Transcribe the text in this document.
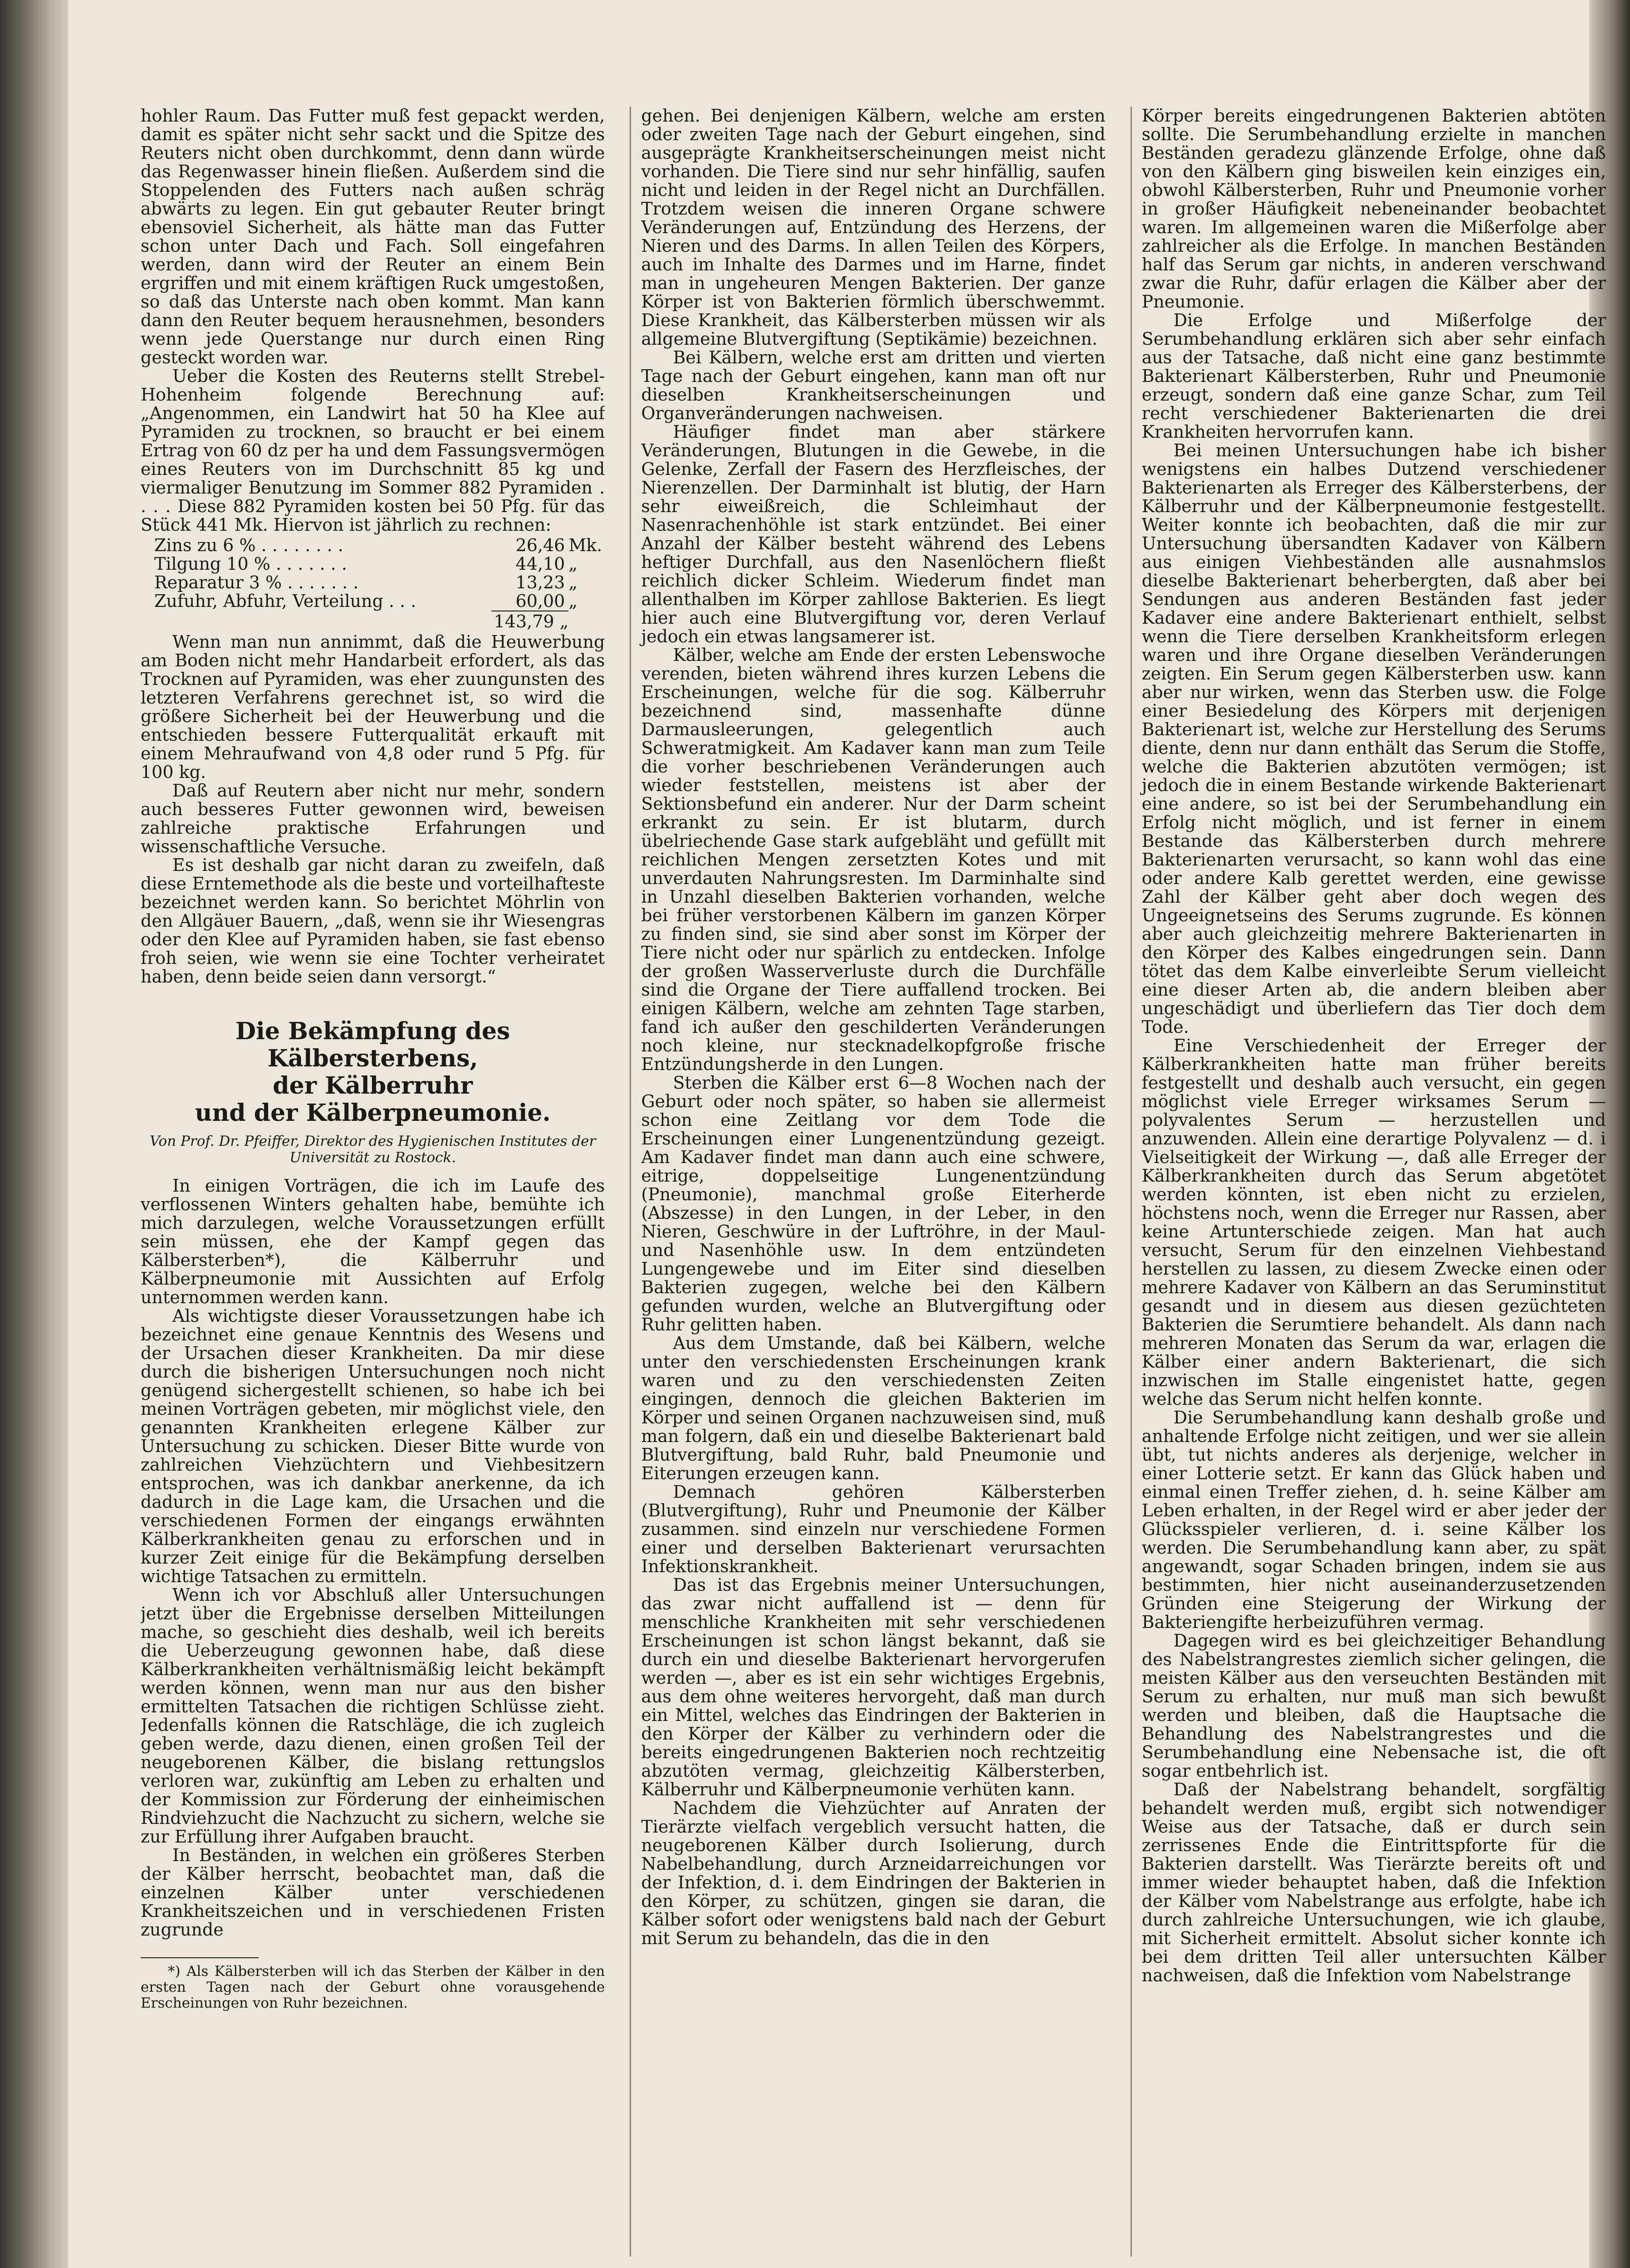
hohler Raum. Das Futter muß fest gepackt werden, damit es später nicht sehr sackt und die Spitze des Reuters nicht oben durchkommt, denn dann würde das Regenwasser hinein fließen. Außerdem sind die Stoppelenden des Futters nach außen schräg abwärts zu legen. Ein gut gebauter Reuter bringt ebensoviel Sicherheit, als hätte man das Futter schon unter Dach und Fach. Soll eingefahren werden, dann wird der Reuter an einem Bein ergriffen und mit einem kräftigen Ruck umgestoßen, so daß das Unterste nach oben kommt. Man kann dann den Reuter bequem herausnehmen, besonders wenn jede Querstange nur durch einen Ring gesteckt worden war.

Ueber die Kosten des Reuterns stellt Strebel-Hohenheim folgende Berechnung auf: „Angenommen, ein Landwirt hat 50 ha Klee auf Pyramiden zu trocknen, so braucht er bei einem Ertrag von 60 dz per ha und dem Fassungsvermögen eines Reuters von im Durchschnitt 85 kg und viermaliger Benutzung im Sommer 882 Pyramiden . . . . Diese 882 Pyramiden kosten bei 50 Pfg. für das Stück 441 Mk. Hiervon ist jährlich zu rechnen:

Zins zu 6 % . . . . . . . .	26,46 Mk.
Tilgung 10 % . . . . . . .	44,10 „
Reparatur 3 % . . . . . . .	13,23 „
Zufuhr, Abfuhr, Verteilung . . .	60,00 „
143,79 „

Wenn man nun annimmt, daß die Heuwerbung am Boden nicht mehr Handarbeit erfordert, als das Trocknen auf Pyramiden, was eher zuungunsten des letzteren Verfahrens gerechnet ist, so wird die größere Sicherheit bei der Heuwerbung und die entschieden bessere Futterqualität erkauft mit einem Mehraufwand von 4,8 oder rund 5 Pfg. für 100 kg.

Daß auf Reutern aber nicht nur mehr, sondern auch besseres Futter gewonnen wird, beweisen zahlreiche praktische Erfahrungen und wissenschaftliche Versuche.

Es ist deshalb gar nicht daran zu zweifeln, daß diese Erntemethode als die beste und vorteilhafteste bezeichnet werden kann. So berichtet Möhrlin von den Allgäuer Bauern, „daß, wenn sie ihr Wiesengras oder den Klee auf Pyramiden haben, sie fast ebenso froh seien, wie wenn sie eine Tochter verheiratet haben, denn beide seien dann versorgt.“

Die Bekämpfung des Kälbersterbens,
der Kälberruhr
und der Kälberpneumonie.
Von Prof. Dr. Pfeiffer, Direktor des Hygienischen Institutes der Universität zu Rostock.

In einigen Vorträgen, die ich im Laufe des verflossenen Winters gehalten habe, bemühte ich mich darzulegen, welche Voraussetzungen erfüllt sein müssen, ehe der Kampf gegen das Kälbersterben*), die Kälberruhr und Kälberpneumonie mit Aussichten auf Erfolg unternommen werden kann.

Als wichtigste dieser Voraussetzungen habe ich bezeichnet eine genaue Kenntnis des Wesens und der Ursachen dieser Krankheiten. Da mir diese durch die bisherigen Untersuchungen noch nicht genügend sichergestellt schienen, so habe ich bei meinen Vorträgen gebeten, mir möglichst viele, den genannten Krankheiten erlegene Kälber zur Untersuchung zu schicken. Dieser Bitte wurde von zahlreichen Viehzüchtern und Viehbesitzern entsprochen, was ich dankbar anerkenne, da ich dadurch in die Lage kam, die Ursachen und die verschiedenen Formen der eingangs erwähnten Kälberkrankheiten genau zu erforschen und in kurzer Zeit einige für die Bekämpfung derselben wichtige Tatsachen zu ermitteln.

Wenn ich vor Abschluß aller Untersuchungen jetzt über die Ergebnisse derselben Mitteilungen mache, so geschieht dies deshalb, weil ich bereits die Ueberzeugung gewonnen habe, daß diese Kälberkrankheiten verhältnismäßig leicht bekämpft werden können, wenn man nur aus den bisher ermittelten Tatsachen die richtigen Schlüsse zieht. Jedenfalls können die Ratschläge, die ich zugleich geben werde, dazu dienen, einen großen Teil der neugeborenen Kälber, die bislang rettungslos verloren war, zukünftig am Leben zu erhalten und der Kommission zur Förderung der einheimischen Rindviehzucht die Nachzucht zu sichern, welche sie zur Erfüllung ihrer Aufgaben braucht.

In Beständen, in welchen ein größeres Sterben der Kälber herrscht, beobachtet man, daß die einzelnen Kälber unter verschiedenen Krankheitszeichen und in verschiedenen Fristen zugrunde

*) Als Kälbersterben will ich das Sterben der Kälber in den ersten Tagen nach der Geburt ohne vorausgehende Erscheinungen von Ruhr bezeichnen.

gehen. Bei denjenigen Kälbern, welche am ersten oder zweiten Tage nach der Geburt eingehen, sind ausgeprägte Krankheitserscheinungen meist nicht vorhanden. Die Tiere sind nur sehr hinfällig, saufen nicht und leiden in der Regel nicht an Durchfällen. Trotzdem weisen die inneren Organe schwere Veränderungen auf, Entzündung des Herzens, der Nieren und des Darms. In allen Teilen des Körpers, auch im Inhalte des Darmes und im Harne, findet man in ungeheuren Mengen Bakterien. Der ganze Körper ist von Bakterien förmlich überschwemmt. Diese Krankheit, das Kälbersterben müssen wir als allgemeine Blutvergiftung (Septikämie) bezeichnen.

Bei Kälbern, welche erst am dritten und vierten Tage nach der Geburt eingehen, kann man oft nur dieselben Krankheitserscheinungen und Organveränderungen nachweisen.

Häufiger findet man aber stärkere Veränderungen, Blutungen in die Gewebe, in die Gelenke, Zerfall der Fasern des Herzfleisches, der Nierenzellen. Der Darminhalt ist blutig, der Harn sehr eiweißreich, die Schleimhaut der Nasenrachenhöhle ist stark entzündet. Bei einer Anzahl der Kälber besteht während des Lebens heftiger Durchfall, aus den Nasenlöchern fließt reichlich dicker Schleim. Wiederum findet man allenthalben im Körper zahllose Bakterien. Es liegt hier auch eine Blutvergiftung vor, deren Verlauf jedoch ein etwas langsamerer ist.

Kälber, welche am Ende der ersten Lebenswoche verenden, bieten während ihres kurzen Lebens die Erscheinungen, welche für die sog. Kälberruhr bezeichnend sind, massenhafte dünne Darmausleerungen, gelegentlich auch Schweratmigkeit. Am Kadaver kann man zum Teile die vorher beschriebenen Veränderungen auch wieder feststellen, meistens ist aber der Sektionsbefund ein anderer. Nur der Darm scheint erkrankt zu sein. Er ist blutarm, durch übelriechende Gase stark aufgebläht und gefüllt mit reichlichen Mengen zersetzten Kotes und mit unverdauten Nahrungsresten. Im Darminhalte sind in Unzahl dieselben Bakterien vorhanden, welche bei früher verstorbenen Kälbern im ganzen Körper zu finden sind, sie sind aber sonst im Körper der Tiere nicht oder nur spärlich zu entdecken. Infolge der großen Wasserverluste durch die Durchfälle sind die Organe der Tiere auffallend trocken. Bei einigen Kälbern, welche am zehnten Tage starben, fand ich außer den geschilderten Veränderungen noch kleine, nur stecknadelkopfgroße frische Entzündungsherde in den Lungen.

Sterben die Kälber erst 6—8 Wochen nach der Geburt oder noch später, so haben sie allermeist schon eine Zeitlang vor dem Tode die Erscheinungen einer Lungenentzündung gezeigt. Am Kadaver findet man dann auch eine schwere, eitrige, doppelseitige Lungenentzündung (Pneumonie), manchmal große Eiterherde (Abszesse) in den Lungen, in der Leber, in den Nieren, Geschwüre in der Luftröhre, in der Maul- und Nasenhöhle usw. In dem entzündeten Lungengewebe und im Eiter sind dieselben Bakterien zugegen, welche bei den Kälbern gefunden wurden, welche an Blutvergiftung oder Ruhr gelitten haben.

Aus dem Umstande, daß bei Kälbern, welche unter den verschiedensten Erscheinungen krank waren und zu den verschiedensten Zeiten eingingen, dennoch die gleichen Bakterien im Körper und seinen Organen nachzuweisen sind, muß man folgern, daß ein und dieselbe Bakterienart bald Blutvergiftung, bald Ruhr, bald Pneumonie und Eiterungen erzeugen kann.

Demnach gehören Kälbersterben (Blutvergiftung), Ruhr und Pneumonie der Kälber zusammen. sind einzeln nur verschiedene Formen einer und derselben Bakterienart verursachten Infektionskrankheit.

Das ist das Ergebnis meiner Untersuchungen, das zwar nicht auffallend ist — denn für menschliche Krankheiten mit sehr verschiedenen Erscheinungen ist schon längst bekannt, daß sie durch ein und dieselbe Bakterienart hervorgerufen werden —, aber es ist ein sehr wichtiges Ergebnis, aus dem ohne weiteres hervorgeht, daß man durch ein Mittel, welches das Eindringen der Bakterien in den Körper der Kälber zu verhindern oder die bereits eingedrungenen Bakterien noch rechtzeitig abzutöten vermag, gleichzeitig Kälbersterben, Kälberruhr und Kälberpneumonie verhüten kann.

Nachdem die Viehzüchter auf Anraten der Tierärzte vielfach vergeblich versucht hatten, die neugeborenen Kälber durch Isolierung, durch Nabelbehandlung, durch Arzneidarreichungen vor der Infektion, d. i. dem Eindringen der Bakterien in den Körper, zu schützen, gingen sie daran, die Kälber sofort oder wenigstens bald nach der Geburt mit Serum zu behandeln, das die in den

Körper bereits eingedrungenen Bakterien abtöten sollte. Die Serumbehandlung erzielte in manchen Beständen geradezu glänzende Erfolge, ohne daß von den Kälbern ging bisweilen kein einziges ein, obwohl Kälbersterben, Ruhr und Pneumonie vorher in großer Häufigkeit nebeneinander beobachtet waren. Im allgemeinen waren die Mißerfolge aber zahlreicher als die Erfolge. In manchen Beständen half das Serum gar nichts, in anderen verschwand zwar die Ruhr, dafür erlagen die Kälber aber der Pneumonie.

Die Erfolge und Mißerfolge der Serumbehandlung erklären sich aber sehr einfach aus der Tatsache, daß nicht eine ganz bestimmte Bakterienart Kälbersterben, Ruhr und Pneumonie erzeugt, sondern daß eine ganze Schar, zum Teil recht verschiedener Bakterienarten die drei Krankheiten hervorrufen kann.

Bei meinen Untersuchungen habe ich bisher wenigstens ein halbes Dutzend verschiedener Bakterienarten als Erreger des Kälbersterbens, der Kälberruhr und der Kälberpneumonie festgestellt. Weiter konnte ich beobachten, daß die mir zur Untersuchung übersandten Kadaver von Kälbern aus einigen Viehbeständen alle ausnahmslos dieselbe Bakterienart beherbergten, daß aber bei Sendungen aus anderen Beständen fast jeder Kadaver eine andere Bakterienart enthielt, selbst wenn die Tiere derselben Krankheitsform erlegen waren und ihre Organe dieselben Veränderungen zeigten. Ein Serum gegen Kälbersterben usw. kann aber nur wirken, wenn das Sterben usw. die Folge einer Besiedelung des Körpers mit derjenigen Bakterienart ist, welche zur Herstellung des Serums diente, denn nur dann enthält das Serum die Stoffe, welche die Bakterien abzutöten vermögen; ist jedoch die in einem Bestande wirkende Bakterienart eine andere, so ist bei der Serumbehandlung ein Erfolg nicht möglich, und ist ferner in einem Bestande das Kälbersterben durch mehrere Bakterienarten verursacht, so kann wohl das eine oder andere Kalb gerettet werden, eine gewisse Zahl der Kälber geht aber doch wegen des Ungeeignetseins des Serums zugrunde. Es können aber auch gleichzeitig mehrere Bakterienarten in den Körper des Kalbes eingedrungen sein. Dann tötet das dem Kalbe einverleibte Serum vielleicht eine dieser Arten ab, die andern bleiben aber ungeschädigt und überliefern das Tier doch dem Tode.

Eine Verschiedenheit der Erreger der Kälberkrankheiten hatte man früher bereits festgestellt und deshalb auch versucht, ein gegen möglichst viele Erreger wirksames Serum — polyvalentes Serum — herzustellen und anzuwenden. Allein eine derartige Polyvalenz — d. i Vielseitigkeit der Wirkung —, daß alle Erreger der Kälberkrankheiten durch das Serum abgetötet werden könnten, ist eben nicht zu erzielen, höchstens noch, wenn die Erreger nur Rassen, aber keine Artunterschiede zeigen. Man hat auch versucht, Serum für den einzelnen Viehbestand herstellen zu lassen, zu diesem Zwecke einen oder mehrere Kadaver von Kälbern an das Seruminstitut gesandt und in diesem aus diesen gezüchteten Bakterien die Serumtiere behandelt. Als dann nach mehreren Monaten das Serum da war, erlagen die Kälber einer andern Bakterienart, die sich inzwischen im Stalle eingenistet hatte, gegen welche das Serum nicht helfen konnte.

Die Serumbehandlung kann deshalb große und anhaltende Erfolge nicht zeitigen, und wer sie allein übt, tut nichts anderes als derjenige, welcher in einer Lotterie setzt. Er kann das Glück haben und einmal einen Treffer ziehen, d. h. seine Kälber am Leben erhalten, in der Regel wird er aber jeder der Glücksspieler verlieren, d. i. seine Kälber los werden. Die Serumbehandlung kann aber, zu spät angewandt, sogar Schaden bringen, indem sie aus bestimmten, hier nicht auseinanderzusetzenden Gründen eine Steigerung der Wirkung der Bakteriengifte herbeizuführen vermag.

Dagegen wird es bei gleichzeitiger Behandlung des Nabelstrangrestes ziemlich sicher gelingen, die meisten Kälber aus den verseuchten Beständen mit Serum zu erhalten, nur muß man sich bewußt werden und bleiben, daß die Hauptsache die Behandlung des Nabelstrangrestes und die Serumbehandlung eine Nebensache ist, die oft sogar entbehrlich ist.

Daß der Nabelstrang behandelt, sorgfältig behandelt werden muß, ergibt sich notwendiger Weise aus der Tatsache, daß er durch sein zerrissenes Ende die Eintrittspforte für die Bakterien darstellt. Was Tierärzte bereits oft und immer wieder behauptet haben, daß die Infektion der Kälber vom Nabelstrange aus erfolgte, habe ich durch zahlreiche Untersuchungen, wie ich glaube, mit Sicherheit ermittelt. Absolut sicher konnte ich bei dem dritten Teil aller untersuchten Kälber nachweisen, daß die Infektion vom Nabelstrange
